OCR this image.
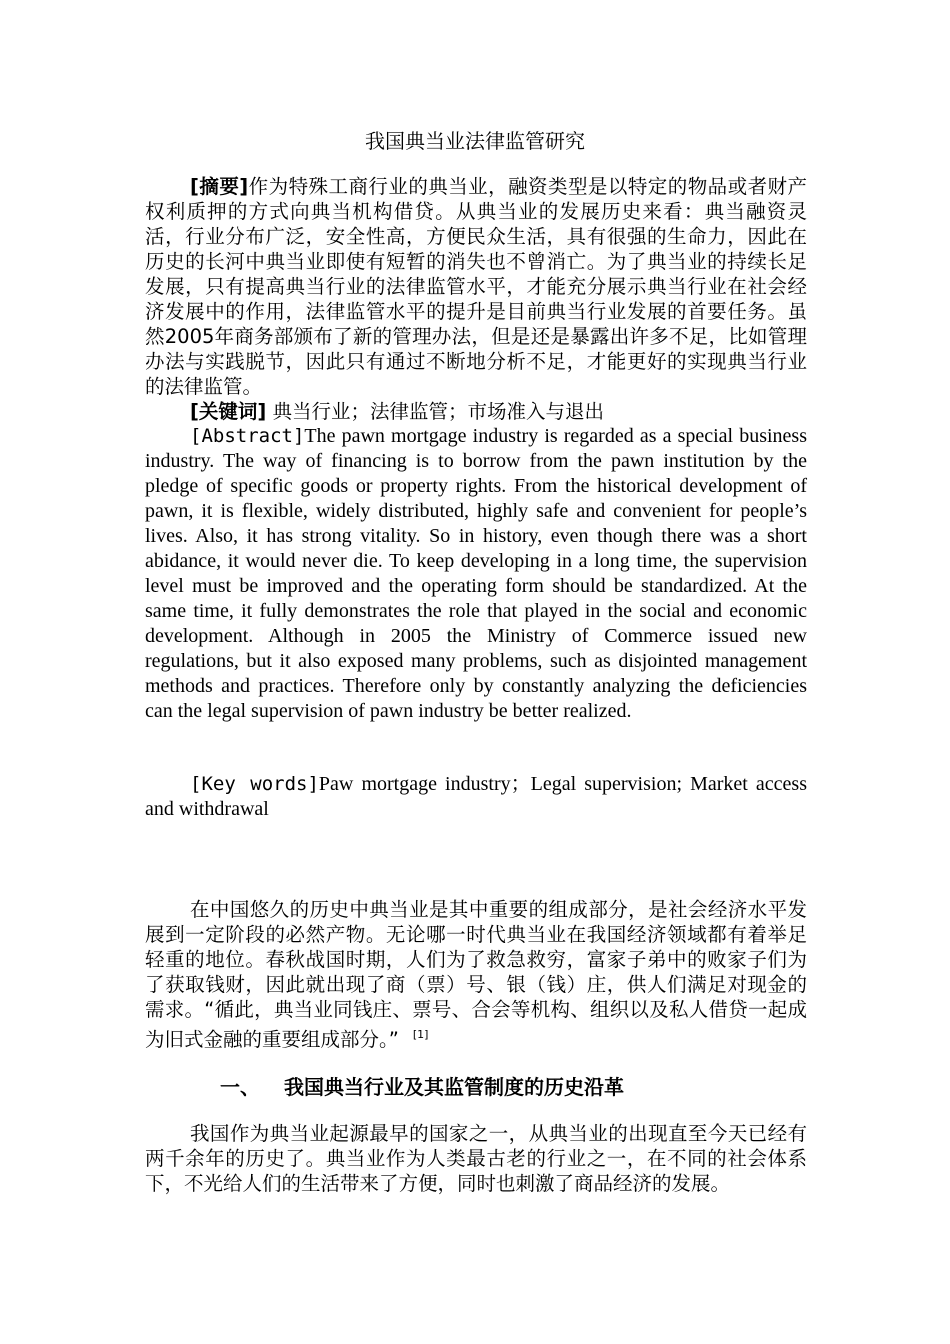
我国典当业法律监管研究
[摘要]作为特殊工商行业的典当业，融资类型是以特定的物品或者财产权利质押的方式向典当机构借贷。从典当业的发展历史来看：典当融资灵活，行业分布广泛，安全性高，方便民众生活，具有很强的生命力，因此在历史的长河中典当业即使有短暂的消失也不曾消亡。为了典当业的持续长足发展，只有提高典当行业的法律监管水平，才能充分展示典当行业在社会经济发展中的作用，法律监管水平的提升是目前典当行业发展的首要任务。虽然2005年商务部颁布了新的管理办法，但是还是暴露出许多不足，比如管理办法与实践脱节，因此只有通过不断地分析不足，才能更好的实现典当行业的法律监管。
[关键词] 典当行业；法律监管；市场准入与退出
[Abstract]The pawn mortgage industry is regarded as a special business industry. The way of financing is to borrow from the pawn institution by the pledge of specific goods or property rights. From the historical development of pawn, it is flexible, widely distributed, highly safe and convenient for people’s lives. Also, it has strong vitality. So in history, even though there was a short abidance, it would never die. To keep developing in a long time, the supervision level must be improved and the operating form should be standardized. At the same time, it fully demonstrates the role that played in the social and economic development. Although in 2005 the Ministry of Commerce issued new regulations, but it also exposed many problems, such as disjointed management methods and practices. Therefore only by constantly analyzing the deficiencies can the legal supervision of pawn industry be better realized.
[Key words]Paw mortgage industry；Legal supervision; Market access and withdrawal
在中国悠久的历史中典当业是其中重要的组成部分，是社会经济水平发展到一定阶段的必然产物。无论哪一时代典当业在我国经济领域都有着举足轻重的地位。春秋战国时期，人们为了救急救穷，富家子弟中的败家子们为了获取钱财，因此就出现了商（票）号、银（钱）庄，供人们满足对现金的需求。“循此，典当业同钱庄、票号、合会等机构、组织以及私人借贷一起成为旧式金融的重要组成部分。” [1]
一、 我国典当行业及其监管制度的历史沿革
我国作为典当业起源最早的国家之一，从典当业的出现直至今天已经有两千余年的历史了。典当业作为人类最古老的行业之一，在不同的社会体系下，不光给人们的生活带来了方便，同时也刺激了商品经济的发展。
